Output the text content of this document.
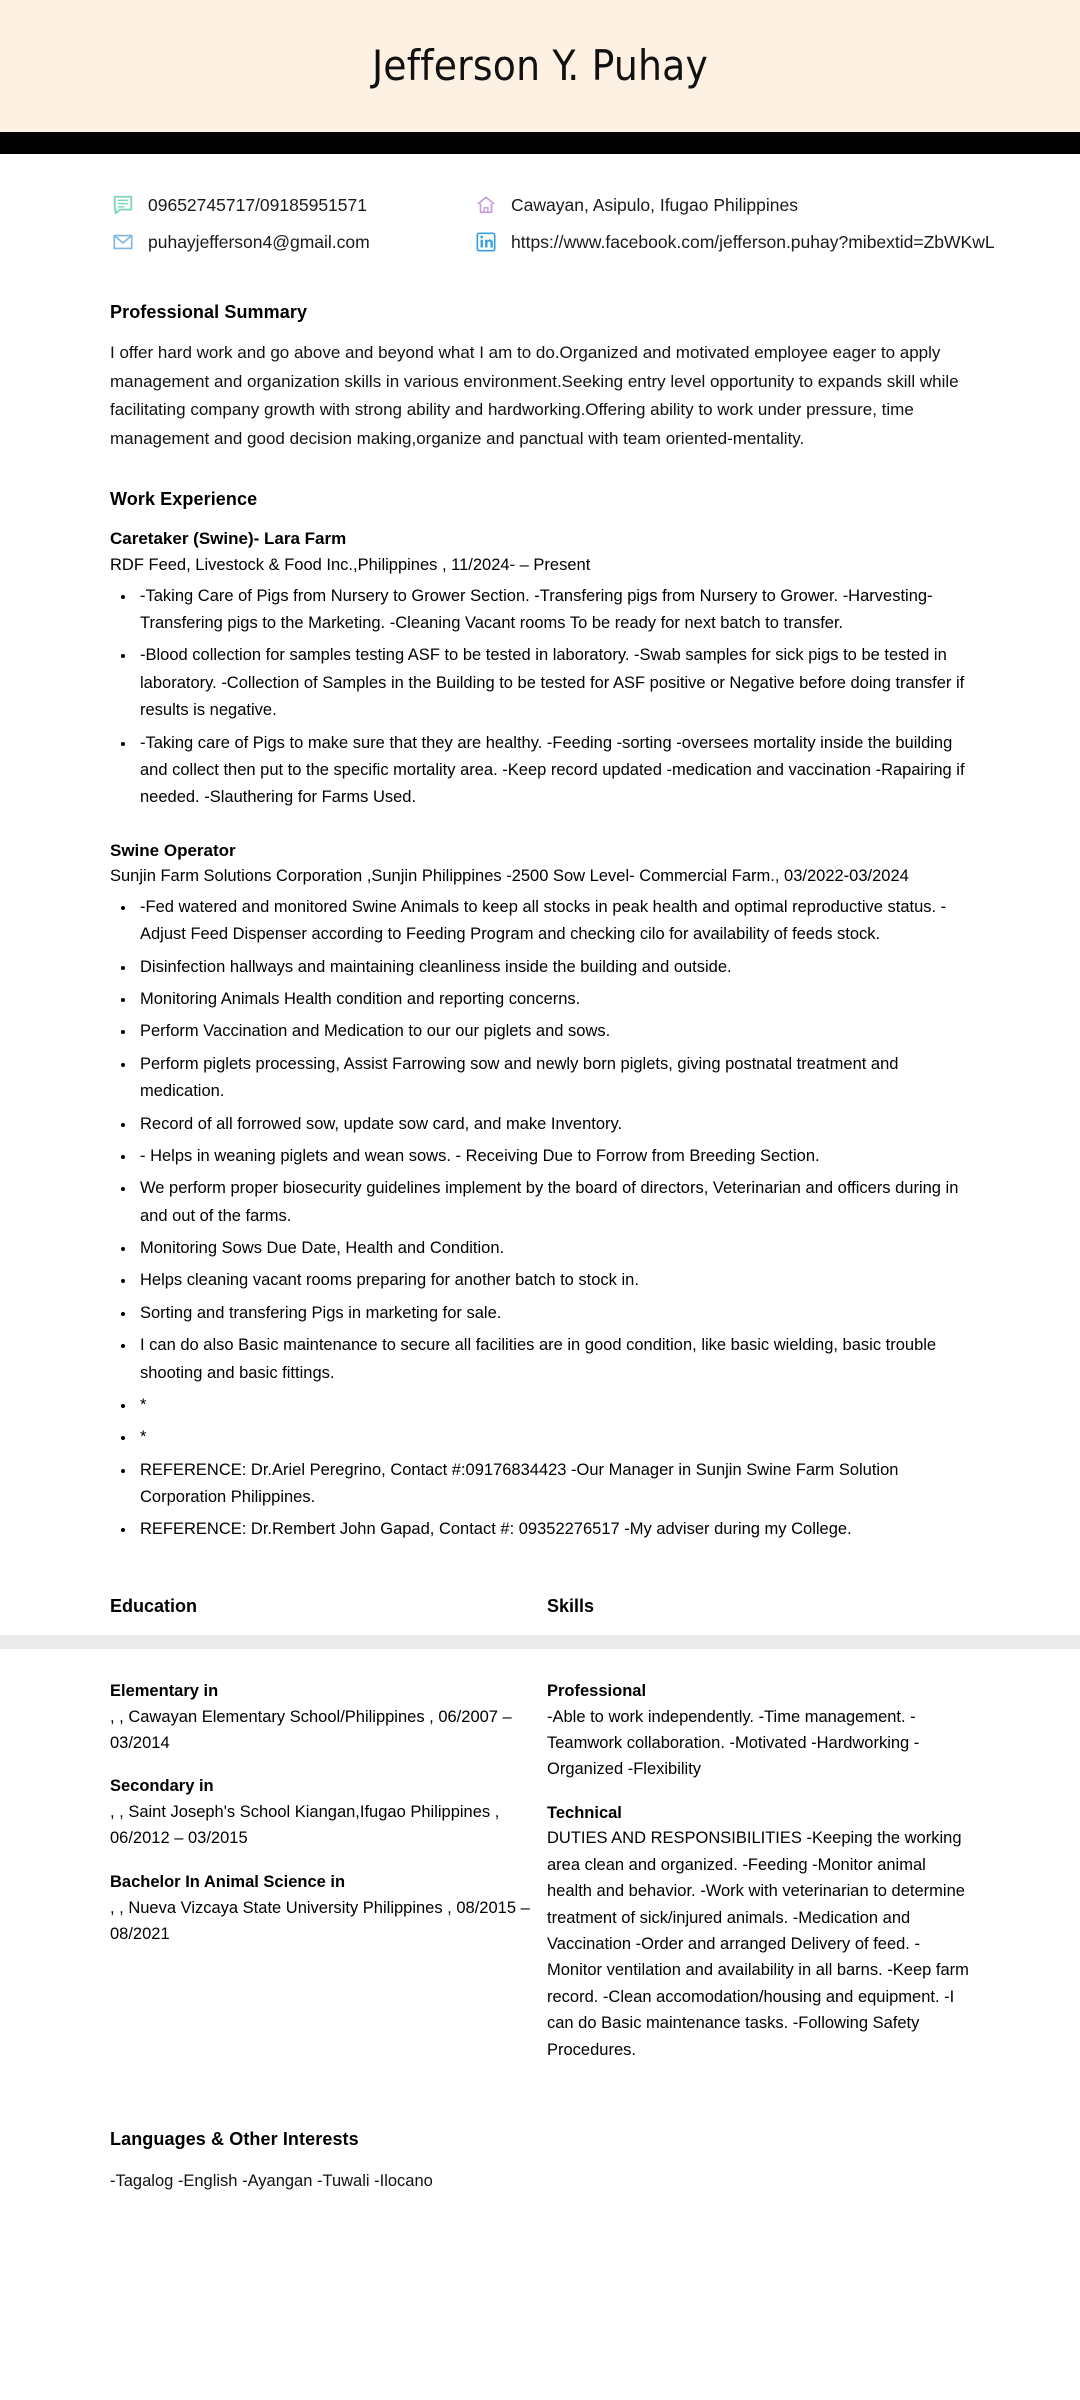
Jefferson Y. Puhay
09652745717/09185951571
puhayjefferson4@gmail.com
Cawayan, Asipulo, Ifugao Philippines
https://www.facebook.com/jefferson.puhay?mibextid=ZbWKwL
Professional Summary
I offer hard work and go above and beyond what I am to do.Organized and motivated employee eager to apply management and organization skills in various environment.Seeking entry level opportunity to expands skill while facilitating company growth with strong ability and hardworking.Offering ability to work under pressure, time management and good decision making,organize and panctual with team oriented-mentality.
Work Experience
Caretaker (Swine)- Lara Farm
RDF Feed, Livestock & Food Inc.,Philippines , 11/2024- – Present
• -Taking Care of Pigs from Nursery to Grower Section. -Transfering pigs from Nursery to Grower. -Harvesting-Transfering pigs to the Marketing. -Cleaning Vacant rooms To be ready for next batch to transfer.
• -Blood collection for samples testing ASF to be tested in laboratory. -Swab samples for sick pigs to be tested in laboratory. -Collection of Samples in the Building to be tested for ASF positive or Negative before doing transfer if results is negative.
• -Taking care of Pigs to make sure that they are healthy. -Feeding -sorting -oversees mortality inside the building and collect then put to the specific mortality area. -Keep record updated -medication and vaccination -Rapairing if needed. -Slauthering for Farms Used.
Swine Operator
Sunjin Farm Solutions Corporation ,Sunjin Philippines -2500 Sow Level- Commercial Farm., 03/2022-03/2024
• -Fed watered and monitored Swine Animals to keep all stocks in peak health and optimal reproductive status. -Adjust Feed Dispenser according to Feeding Program and checking cilo for availability of feeds stock.
• Disinfection hallways and maintaining cleanliness inside the building and outside.
• Monitoring Animals Health condition and reporting concerns.
• Perform Vaccination and Medication to our our piglets and sows.
• Perform piglets processing, Assist Farrowing sow and newly born piglets, giving postnatal treatment and medication.
• Record of all forrowed sow, update sow card, and make Inventory.
• - Helps in weaning piglets and wean sows. - Receiving Due to Forrow from Breeding Section.
• We perform proper biosecurity guidelines implement by the board of directors, Veterinarian and officers during in and out of the farms.
• Monitoring Sows Due Date, Health and Condition.
• Helps cleaning vacant rooms preparing for another batch to stock in.
• Sorting and transfering Pigs in marketing for sale.
• I can do also Basic maintenance to secure all facilities are in good condition, like basic wielding, basic trouble shooting and basic fittings.
• *
• *
• REFERENCE: Dr.Ariel Peregrino, Contact #:09176834423 -Our Manager in Sunjin Swine Farm Solution Corporation Philippines.
• REFERENCE: Dr.Rembert John Gapad, Contact #: 09352276517 -My adviser during my College.
Education	Skills
Elementary in
, , Cawayan Elementary School/Philippines , 06/2007 – 03/2014
Secondary in
, , Saint Joseph's School Kiangan,Ifugao Philippines , 06/2012 – 03/2015
Bachelor In Animal Science in
, , Nueva Vizcaya State University Philippines , 08/2015 – 08/2021
Professional
-Able to work independently. -Time management. -Teamwork collaboration. -Motivated -Hardworking -Organized -Flexibility
Technical
DUTIES AND RESPONSIBILITIES -Keeping the working area clean and organized. -Feeding -Monitor animal health and behavior. -Work with veterinarian to determine treatment of sick/injured animals. -Medication and Vaccination -Order and arranged Delivery of feed. -Monitor ventilation and availability in all barns. -Keep farm record. -Clean accomodation/housing and equipment. -I can do Basic maintenance tasks. -Following Safety Procedures.
Languages & Other Interests
-Tagalog -English -Ayangan -Tuwali -Ilocano
